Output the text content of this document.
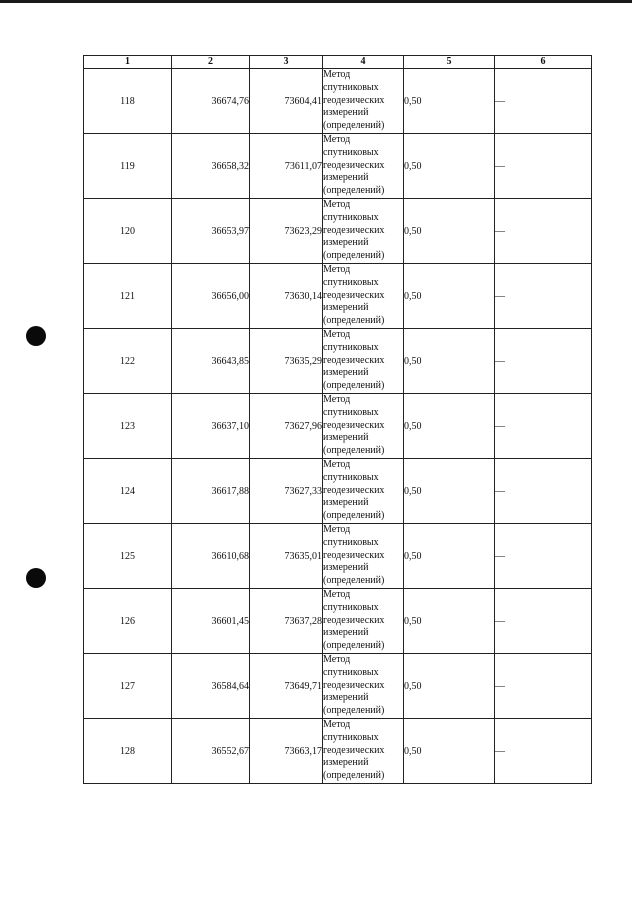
1	2	3	4	5	6
118	36674,76	73604,41	Метод
спутниковых
геодезических
измерений
(определений)	0,50	—
119	36658,32	73611,07	Метод
спутниковых
геодезических
измерений
(определений)	0,50	—
120	36653,97	73623,29	Метод
спутниковых
геодезических
измерений
(определений)	0,50	—
121	36656,00	73630,14	Метод
спутниковых
геодезических
измерений
(определений)	0,50	—
122	36643,85	73635,29	Метод
спутниковых
геодезических
измерений
(определений)	0,50	—
123	36637,10	73627,96	Метод
спутниковых
геодезических
измерений
(определений)	0,50	—
124	36617,88	73627,33	Метод
спутниковых
геодезических
измерений
(определений)	0,50	—
125	36610,68	73635,01	Метод
спутниковых
геодезических
измерений
(определений)	0,50	—
126	36601,45	73637,28	Метод
спутниковых
геодезических
измерений
(определений)	0,50	—
127	36584,64	73649,71	Метод
спутниковых
геодезических
измерений
(определений)	0,50	—
128	36552,67	73663,17	Метод
спутниковых
геодезических
измерений
(определений)	0,50	—
